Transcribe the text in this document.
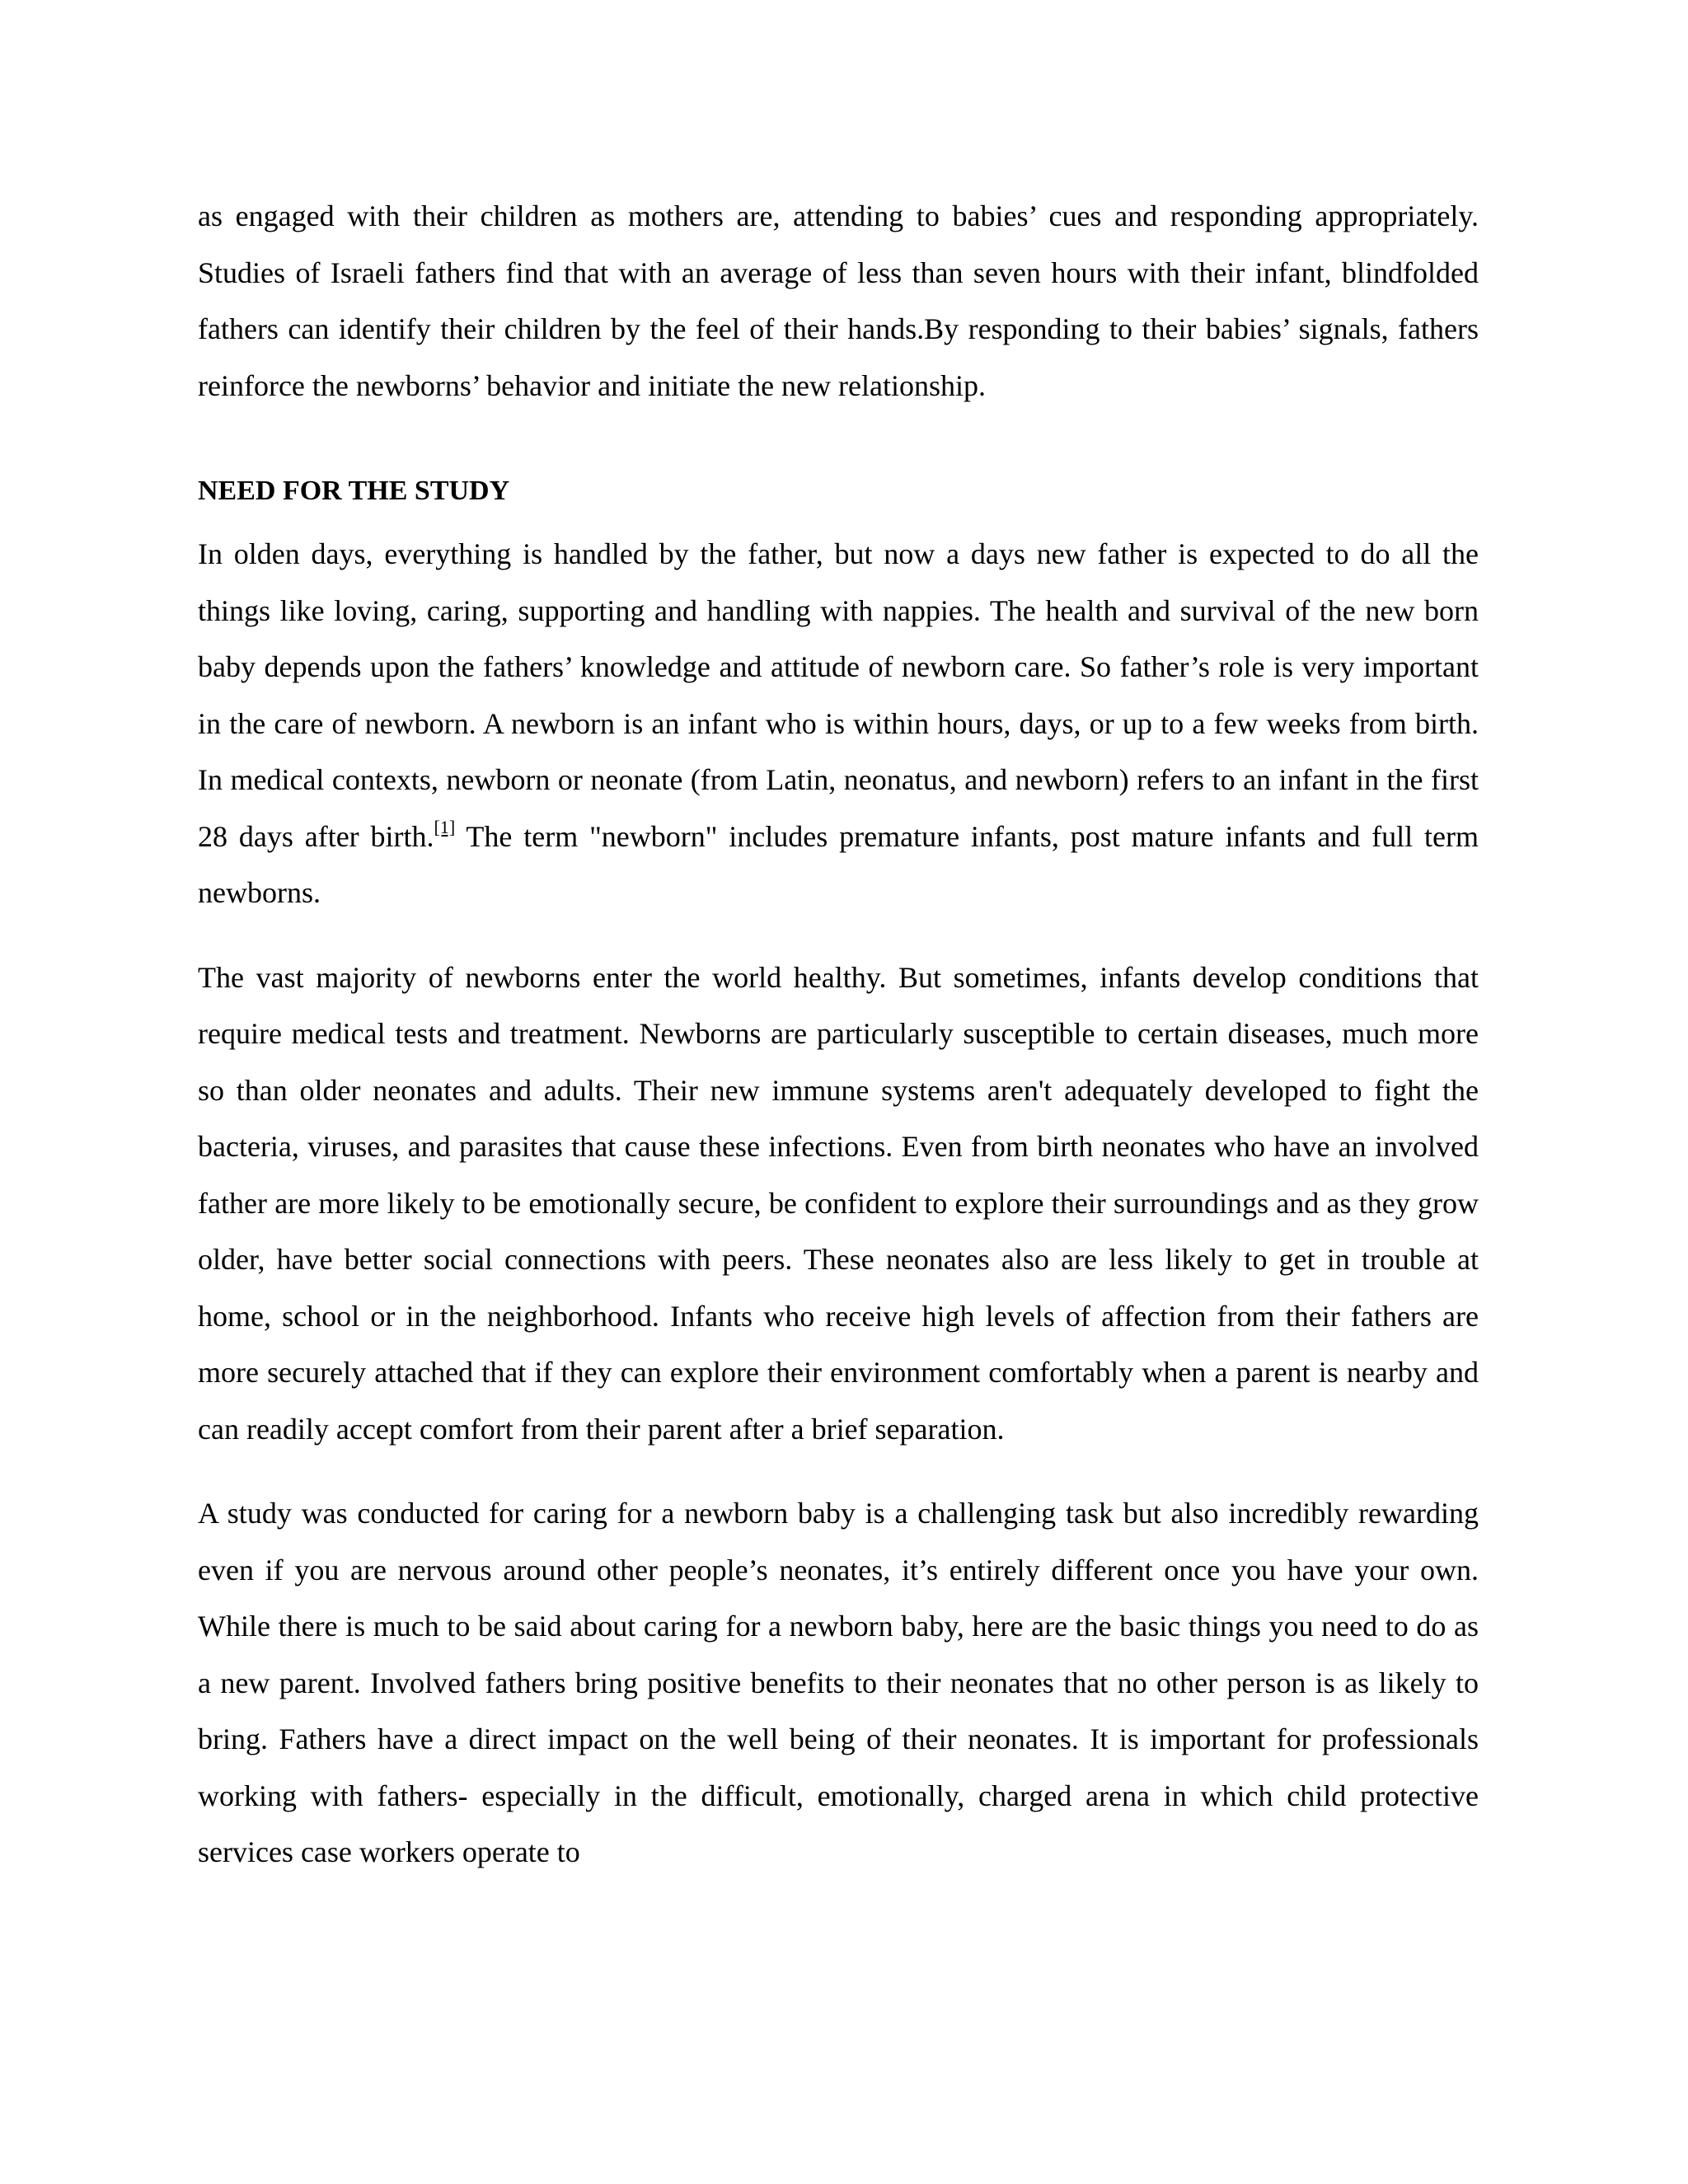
as engaged with their children as mothers are, attending to babies’ cues and responding appropriately. Studies of Israeli fathers find that with an average of less than seven hours with their infant, blindfolded fathers can identify their children by the feel of their hands.By responding to their babies’ signals, fathers reinforce the newborns’ behavior and initiate the new relationship.

NEED FOR THE STUDY

In olden days, everything is handled by the father, but now a days new father is expected to do all the things like loving, caring, supporting and handling with nappies. The health and survival of the new born baby depends upon the fathers’ knowledge and attitude of newborn care. So father’s role is very important in the care of newborn. A newborn is an infant who is within hours, days, or up to a few weeks from birth. In medical contexts, newborn or neonate (from Latin, neonatus, and newborn) refers to an infant in the first 28 days after birth.[1] The term "newborn" includes premature infants, post mature infants and full term newborns.

The vast majority of newborns enter the world healthy. But sometimes, infants develop conditions that require medical tests and treatment. Newborns are particularly susceptible to certain diseases, much more so than older neonates and adults. Their new immune systems aren't adequately developed to fight the bacteria, viruses, and parasites that cause these infections. Even from birth neonates who have an involved father are more likely to be emotionally secure, be confident to explore their surroundings and as they grow older, have better social connections with peers. These neonates also are less likely to get in trouble at home, school or in the neighborhood. Infants who receive high levels of affection from their fathers are more securely attached that if they can explore their environment comfortably when a parent is nearby and can readily accept comfort from their parent after a brief separation.

A study was conducted for caring for a newborn baby is a challenging task but also incredibly rewarding even if you are nervous around other people’s neonates, it’s entirely different once you have your own. While there is much to be said about caring for a newborn baby, here are the basic things you need to do as a new parent. Involved fathers bring positive benefits to their neonates that no other person is as likely to bring. Fathers have a direct impact on the well being of their neonates. It is important for professionals working with fathers- especially in the difficult, emotionally, charged arena in which child protective services case workers operate to
